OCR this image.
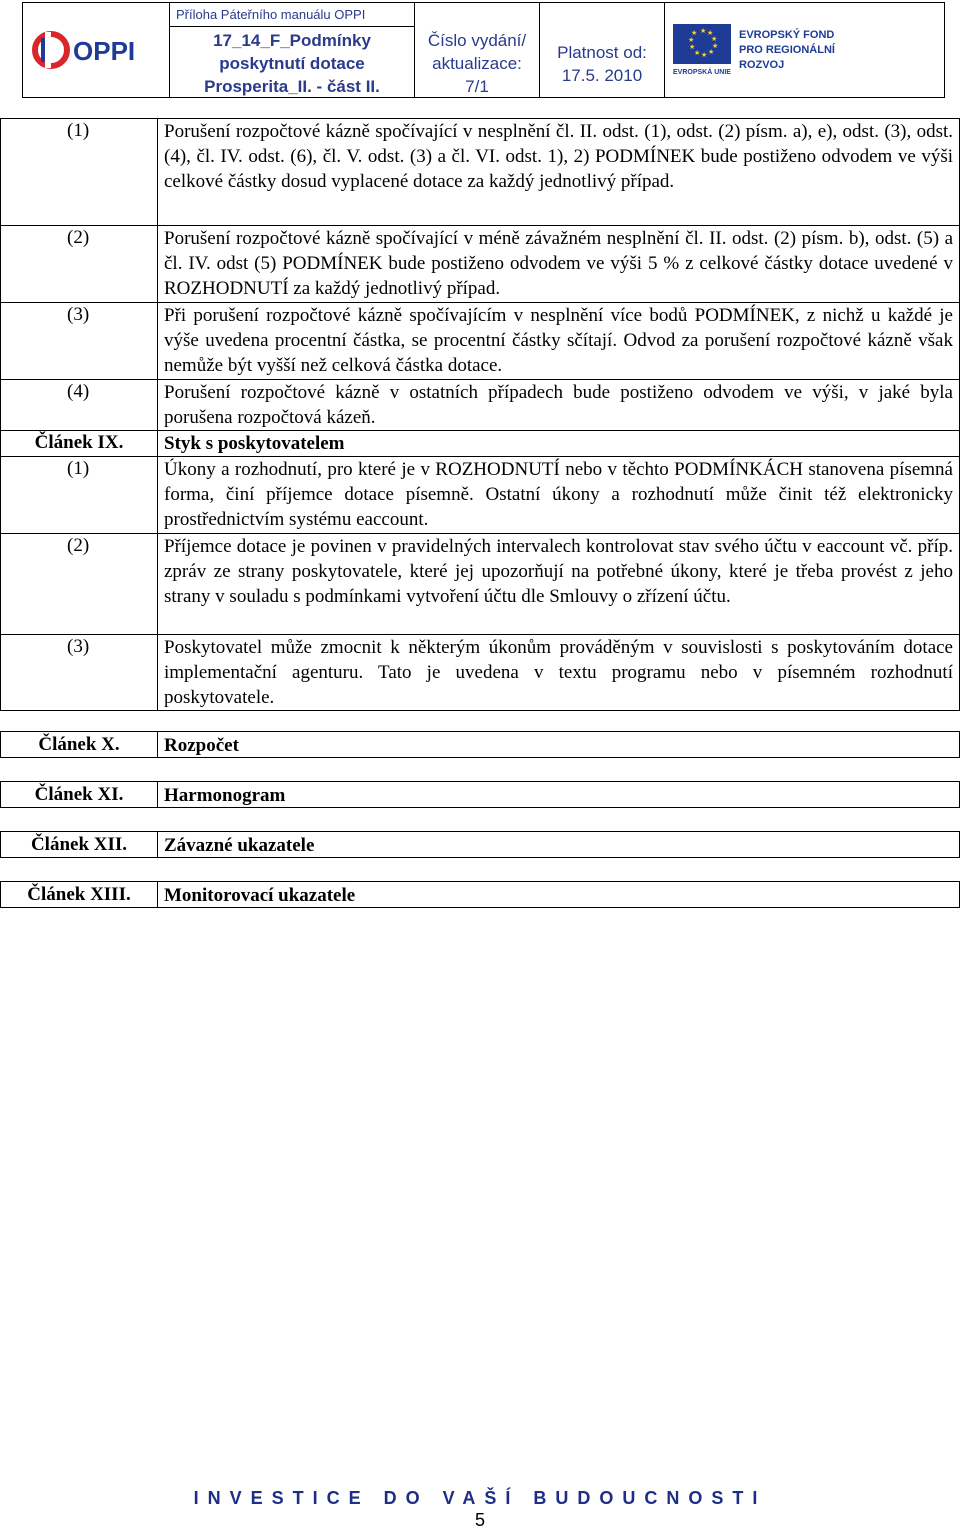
OPPI
Příloha Páteřního manuálu OPPI
17_14_F_Podmínky
poskytnutí dotace
Prosperita_II. - část II.
Číslo vydání/
aktualizace:
7/1
Platnost od:
17.5. 2010
★ ★
★
★
★
★
★
★
★
★
EVROPSKÁ UNIE
EVROPSKÝ FOND
PRO REGIONÁLNÍ
ROZVOJ
(1)	Porušení rozpočtové kázně spočívající v nesplnění čl. II. odst. (1), odst. (2) písm. a), e), odst. (3), odst. (4), čl. IV. odst. (6), čl. V. odst. (3) a čl. VI. odst. 1), 2) PODMÍNEK bude postiženo odvodem ve výši celkové částky dosud vyplacené dotace za každý jednotlivý případ.
(2)	Porušení rozpočtové kázně spočívající v méně závažném nesplnění čl. II. odst. (2) písm. b), odst. (5) a čl. IV. odst (5) PODMÍNEK bude postiženo odvodem ve výši 5 % z celkové částky dotace uvedené v ROZHODNUTÍ za každý jednotlivý případ.
(3)	Při porušení rozpočtové kázně spočívajícím v nesplnění více bodů PODMÍNEK, z nichž u každé je výše uvedena procentní částka, se procentní částky sčítají. Odvod za porušení rozpočtové kázně však nemůže být vyšší než celková částka dotace.
(4)	Porušení rozpočtové kázně v ostatních případech bude postiženo odvodem ve výši, v jaké byla porušena rozpočtová kázeň.
Článek IX.	Styk s poskytovatelem
(1)	Úkony a rozhodnutí, pro které je v ROZHODNUTÍ nebo v těchto PODMÍNKÁCH stanovena písemná forma, činí příjemce dotace písemně. Ostatní úkony a rozhodnutí může činit též elektronicky prostřednictvím systému eaccount.
(2)	Příjemce dotace je povinen v pravidelných intervalech kontrolovat stav svého účtu v eaccount vč. příp. zpráv ze strany poskytovatele, které jej upozorňují na potřebné úkony, které je třeba provést z jeho strany v souladu s podmínkami vytvoření účtu dle Smlouvy o zřízení účtu.
(3)	Poskytovatel může zmocnit k některým úkonům prováděným v souvislosti s poskytováním dotace implementační agenturu. Tato je uvedena v textu programu nebo v písemném rozhodnutí poskytovatele.
Článek X.	Rozpočet
Článek XI.	Harmonogram
Článek XII.	Závazné ukazatele
Článek XIII.	Monitorovací ukazatele
INVESTICE DO VAŠÍ BUDOUCNOSTI
5
